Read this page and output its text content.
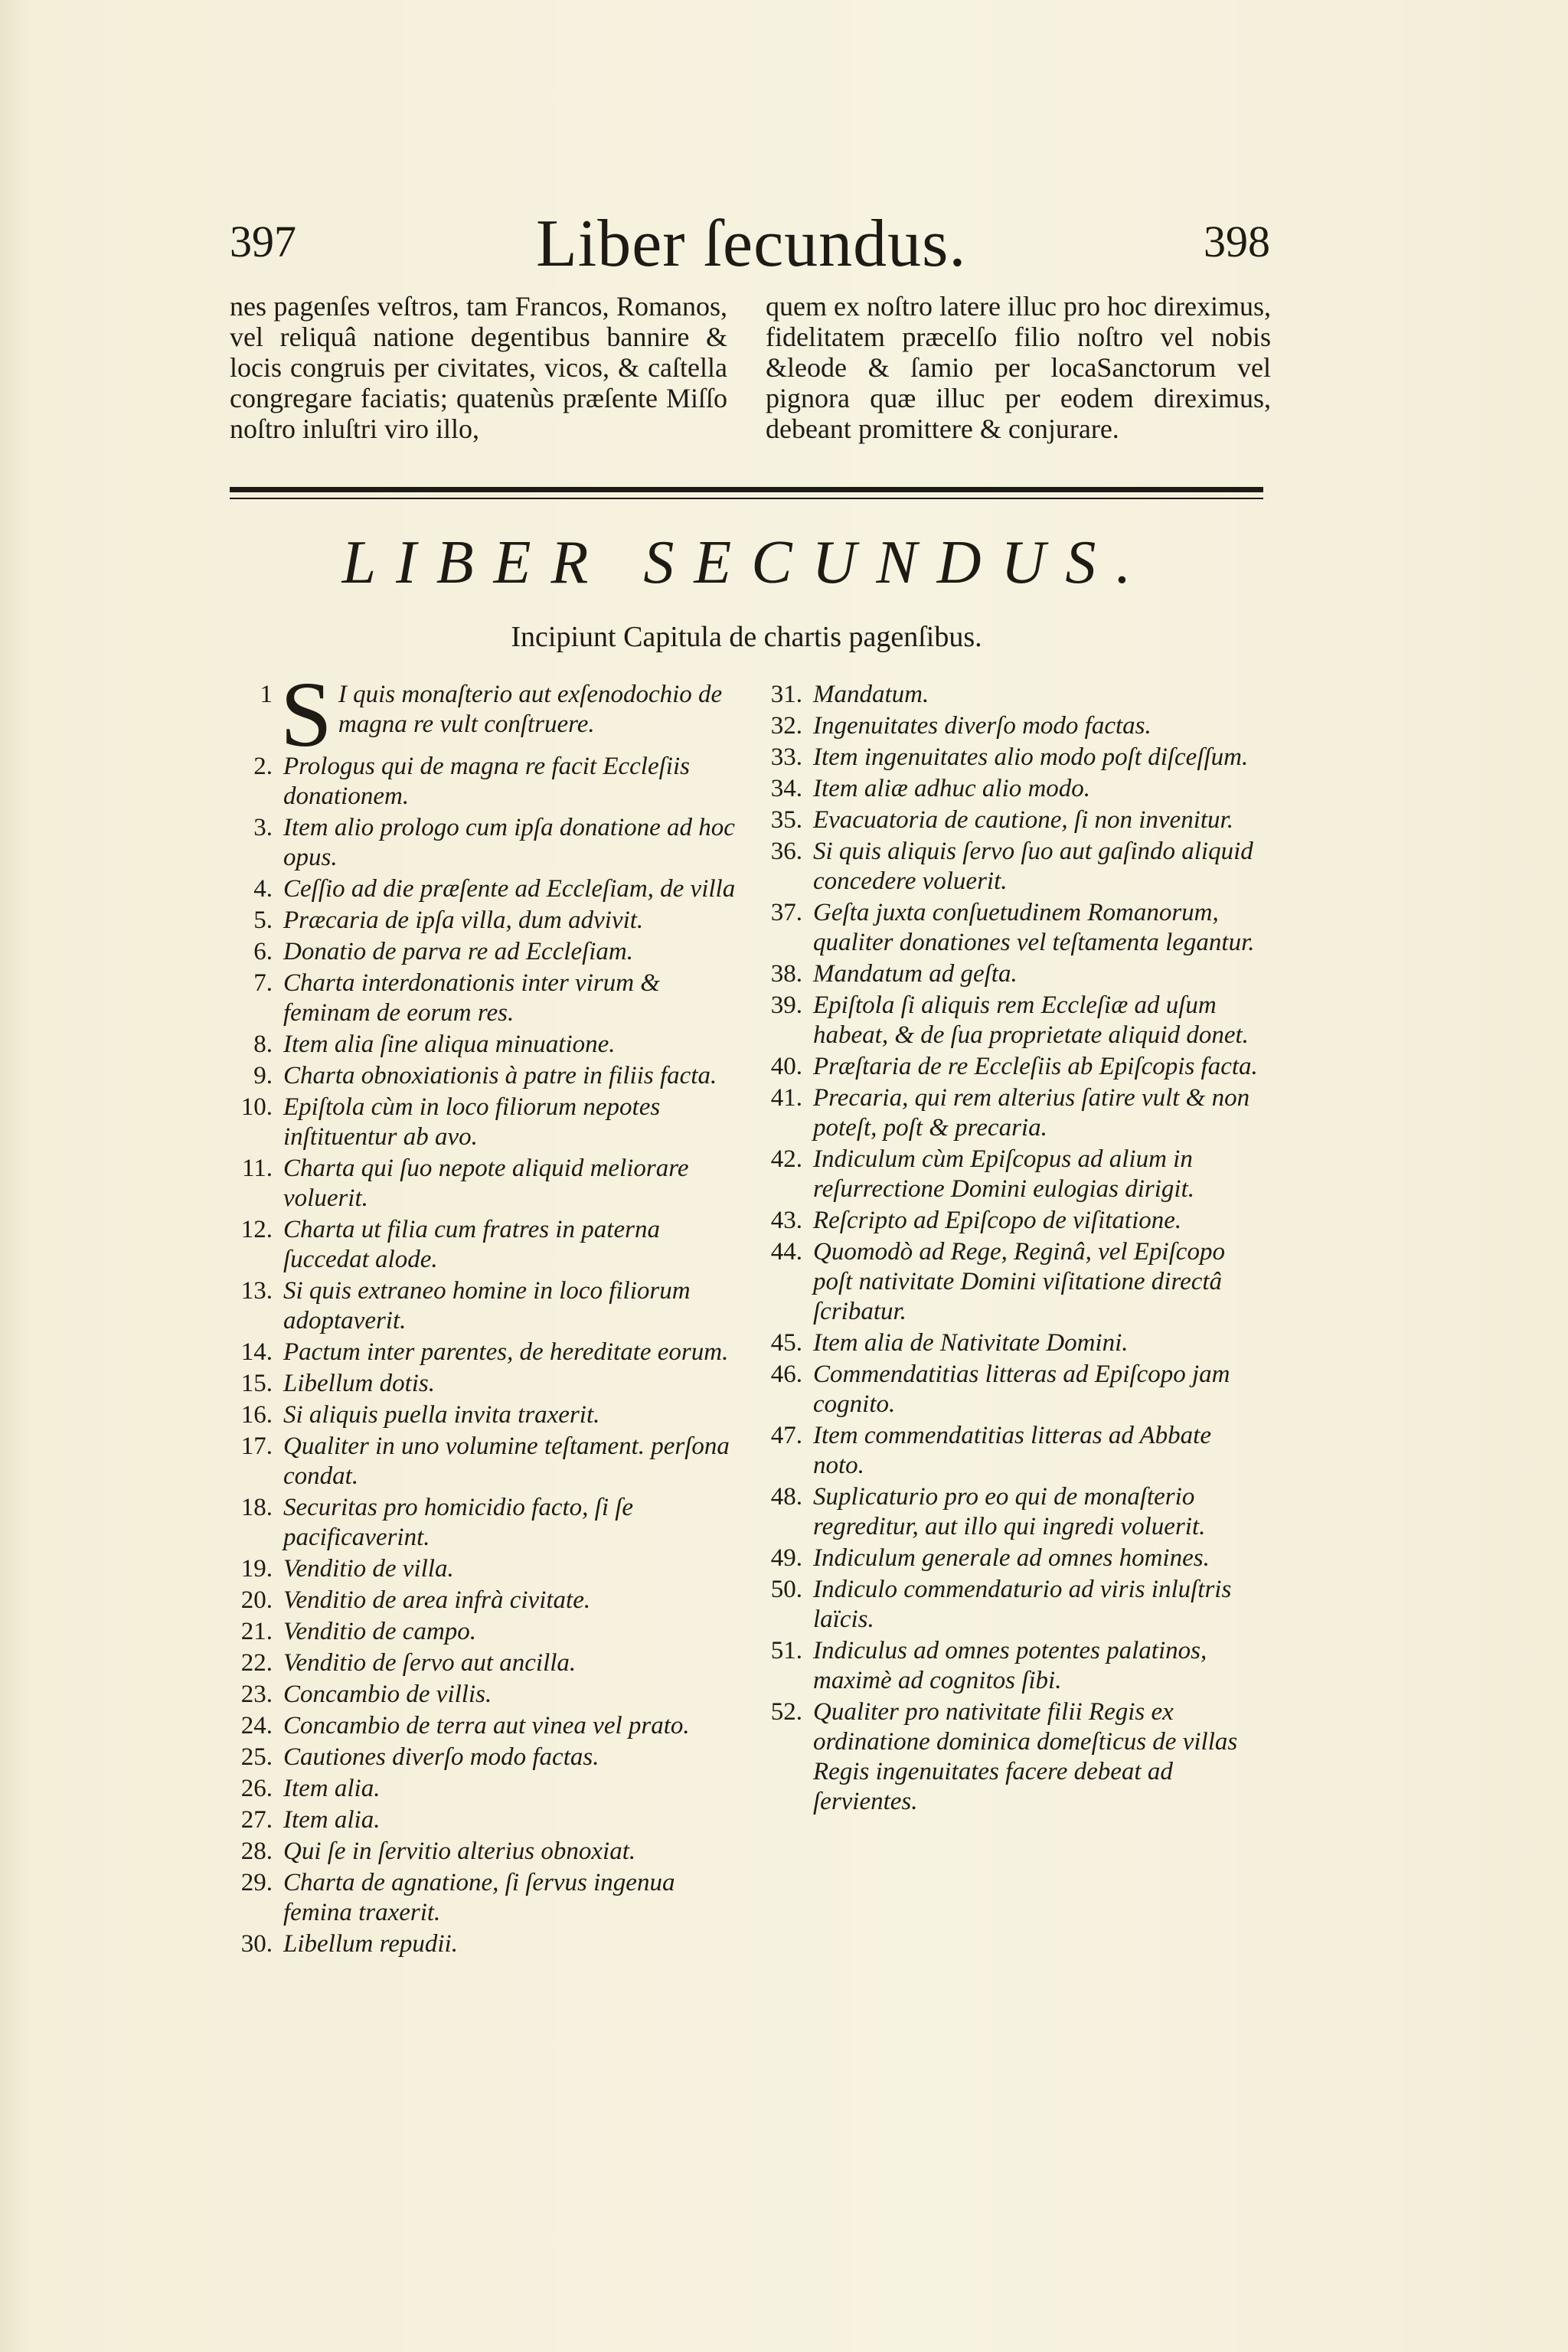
397	Liber ſecundus.	398

nes pagenſes veſtros, tam Francos, Romanos, vel reliquâ natione degentibus bannire & locis congruis per civitates, vicos, & caſtella congregare faciatis; quatenùs præſente Miſſo noſtro inluſtri viro illo,

quem ex noſtro latere illuc pro hoc direximus, fidelitatem præcelſo filio noſtro vel nobis &leode & ſamio per locaSanctorum vel pignora quæ illuc per eodem direximus, debeant promittere & conjurare.

LIBER SECUNDUS.
Incipiunt Capitula de chartis pagenſibus.
1 S I quis monaſterio aut exſenodochio de magna re vult conſtruere.
2. Prologus qui de magna re facit Eccleſiis donationem.
3. Item alio prologo cum ipſa donatione ad hoc opus.
4. Ceſſio ad die præſente ad Eccleſiam, de villa
5. Præcaria de ipſa villa, dum advivit.
6. Donatio de parva re ad Eccleſiam.
7. Charta interdonationis inter virum & feminam de eorum res.
8. Item alia ſine aliqua minuatione.
9. Charta obnoxiationis à patre in filiis facta.
10. Epiſtola cùm in loco filiorum nepotes inſtituentur ab avo.
11. Charta qui ſuo nepote aliquid meliorare voluerit.
12. Charta ut filia cum fratres in paterna ſuccedat alode.
13. Si quis extraneo homine in loco filiorum adoptaverit.
14. Pactum inter parentes, de hereditate eorum.
15. Libellum dotis.
16. Si aliquis puella invita traxerit.
17. Qualiter in uno volumine teſtament. perſona condat.
18. Securitas pro homicidio facto, ſi ſe pacificaverint.
19. Venditio de villa.
20. Venditio de area infrà civitate.
21. Venditio de campo.
22. Venditio de ſervo aut ancilla.
23. Concambio de villis.
24. Concambio de terra aut vinea vel prato.
25. Cautiones diverſo modo factas.
26. Item alia.
27. Item alia.
28. Qui ſe in ſervitio alterius obnoxiat.
29. Charta de agnatione, ſi ſervus ingenua femina traxerit.
30. Libellum repudii.
31. Mandatum.
32. Ingenuitates diverſo modo factas.
33. Item ingenuitates alio modo poſt diſceſſum.
34. Item aliæ adhuc alio modo.
35. Evacuatoria de cautione, ſi non invenitur.
36. Si quis aliquis ſervo ſuo aut gaſindo aliquid concedere voluerit.
37. Geſta juxta conſuetudinem Romanorum, qualiter donationes vel teſtamenta legantur.
38. Mandatum ad geſta.
39. Epiſtola ſi aliquis rem Eccleſiæ ad uſum habeat, & de ſua proprietate aliquid donet.
40. Præſtaria de re Eccleſiis ab Epiſcopis facta.
41. Precaria, qui rem alterius ſatire vult & non poteſt, poſt & precaria.
42. Indiculum cùm Epiſcopus ad alium in reſurrectione Domini eulogias dirigit.
43. Reſcripto ad Epiſcopo de viſitatione.
44. Quomodò ad Rege, Reginâ, vel Epiſcopo poſt nativitate Domini viſitatione directâ ſcribatur.
45. Item alia de Nativitate Domini.
46. Commendatitias litteras ad Epiſcopo jam cognito.
47. Item commendatitias litteras ad Abbate noto.
48. Suplicaturio pro eo qui de monaſterio regreditur, aut illo qui ingredi voluerit.
49. Indiculum generale ad omnes homines.
50. Indiculo commendaturio ad viris inluſtris laïcis.
51. Indiculus ad omnes potentes palatinos, maximè ad cognitos ſibi.
52. Qualiter pro nativitate filii Regis ex ordinatione dominica domeſticus de villas Regis ingenuitates facere debeat ad ſervientes.
